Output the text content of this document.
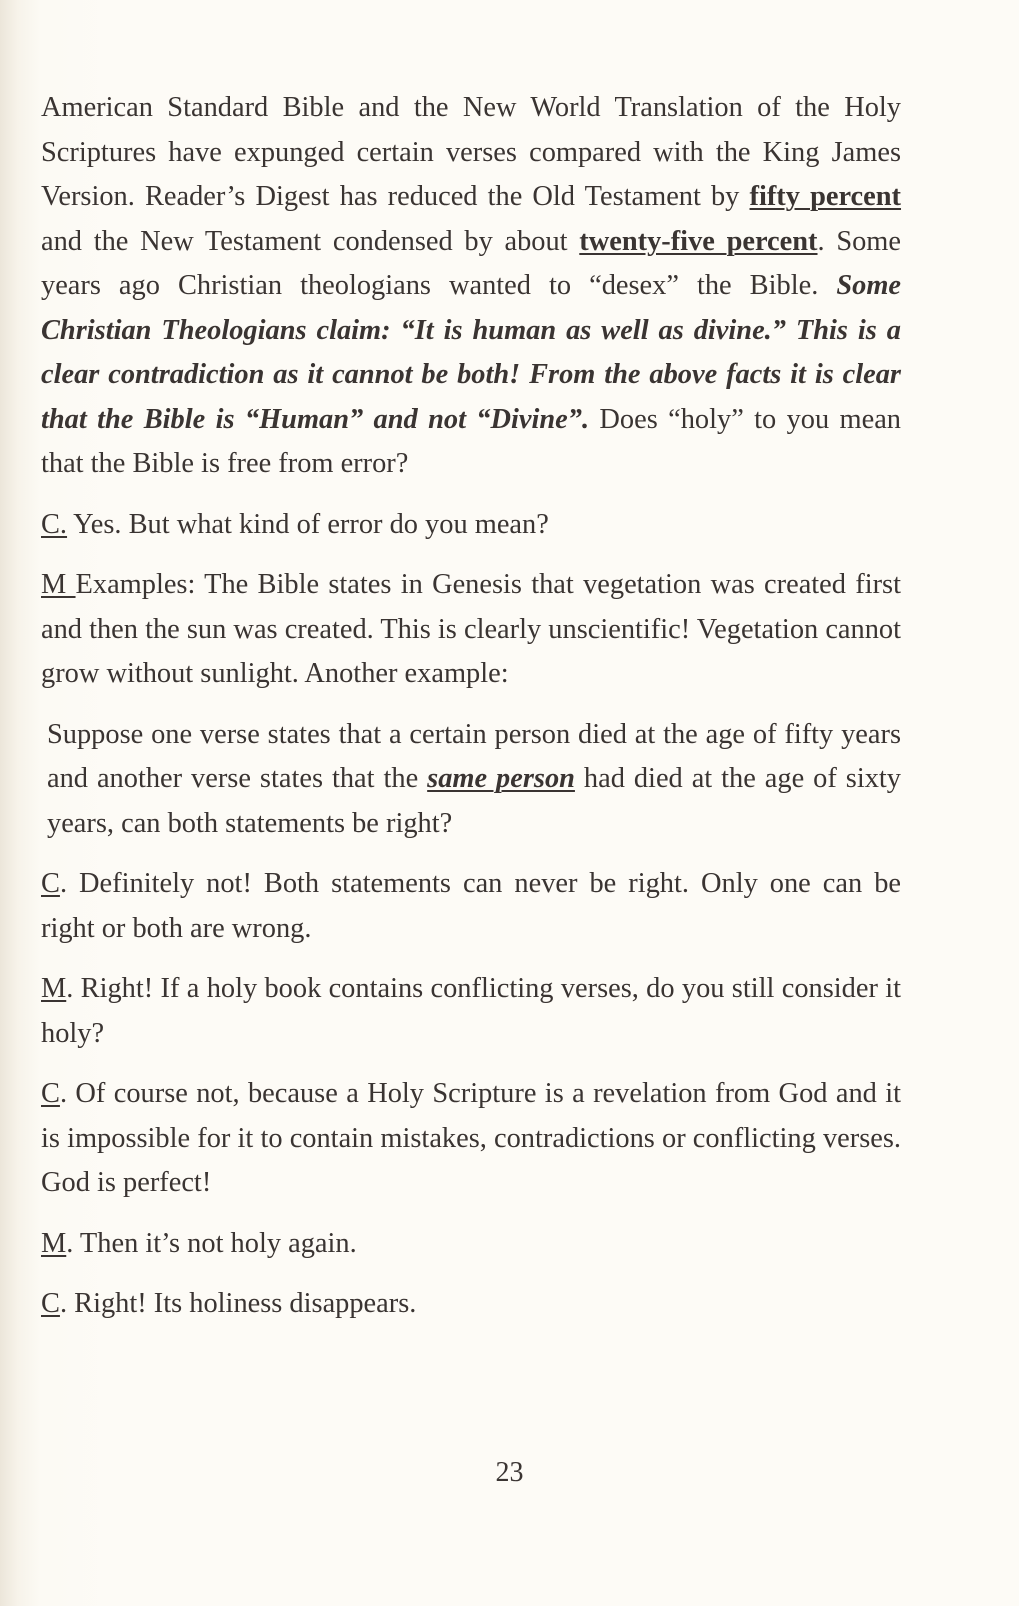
American Standard Bible and the New World Translation of the Holy Scriptures have expunged certain verses compared with the King James Version. Reader’s Digest has reduced the Old Testament by fifty percent and the New Testament condensed by about twenty-five percent. Some years ago Christian theologians wanted to “desex” the Bible. Some Christian Theologians claim: “It is human as well as divine.” This is a clear contradiction as it cannot be both! From the above facts it is clear that the Bible is “Human” and not “Divine”. Does “holy” to you mean that the Bible is free from error?

C. Yes. But what kind of error do you mean?

M Examples: The Bible states in Genesis that vegetation was created first and then the sun was created. This is clearly unscientific! Vegetation cannot grow without sunlight. Another example:

Suppose one verse states that a certain person died at the age of fifty years and another verse states that the same person had died at the age of sixty years, can both statements be right?

C. Definitely not! Both statements can never be right. Only one can be right or both are wrong.

M. Right! If a holy book contains conflicting verses, do you still consider it holy?

C. Of course not, because a Holy Scripture is a revelation from God and it is impossible for it to contain mistakes, contradictions or conflicting verses. God is perfect!

M. Then it’s not holy again.

C. Right! Its holiness disappears.

23
